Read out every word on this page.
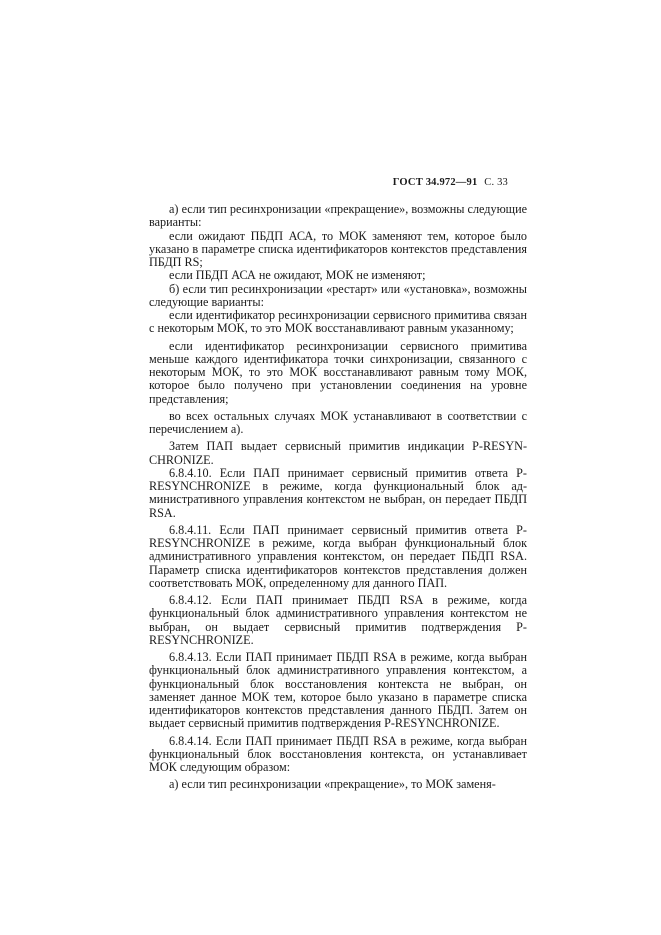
ГОСТ 34.972—91 С. 33

а) если тип ресинхронизации «прекращение», возможны следующие варианты:

если ожидают ПБДП АСА, то МОК заменяют тем, которое было указано в параметре списка идентификаторов контекстов представления ПБДП RS;

если ПБДП АСА не ожидают, МОК не изменяют;

б) если тип ресинхронизации «рестарт» или «установка», возможны следующие варианты:

если идентификатор ресинхронизации сервисного примитива связан с некоторым МОК, то это МОК восстанавливают равным указанному;

если идентификатор ресинхронизации сервисного примитива меньше каждого идентификатора точки синхронизации, связанного с некоторым МОК, то это МОК восстанавливают равным тому МОК, которое было получено при установлении соединения на уровне представления;

во всех остальных случаях МОК устанавливают в соответствии с перечислением а).

Затем ПАП выдает сервисный примитив индикации P-RESYNCHRONIZE.

6.8.4.10. Если ПАП принимает сервисный примитив ответа P-RESYNCHRONIZE в режиме, когда функциональный блок административного управления контекстом не выбран, он передает ПБДП RSA.

6.8.4.11. Если ПАП принимает сервисный примитив ответа P-RESYNCHRONIZE в режиме, когда выбран функциональный блок административного управления контекстом, он передает ПБДП RSA. Параметр списка идентификаторов контекстов представления должен соответствовать МОК, определенному для данного ПАП.

6.8.4.12. Если ПАП принимает ПБДП RSA в режиме, когда функциональный блок административного управления контекстом не выбран, он выдает сервисный примитив подтверждения P-RESYNCHRONIZE.

6.8.4.13. Если ПАП принимает ПБДП RSA в режиме, когда выбран функциональный блок административного управления контекстом, а функциональный блок восстановления контекста не выбран, он заменяет данное МОК тем, которое было указано в параметре списка идентификаторов контекстов представления данного ПБДП. Затем он выдает сервисный примитив подтверждения P-RESYNCHRONIZE.

6.8.4.14. Если ПАП принимает ПБДП RSA в режиме, когда выбран функциональный блок восстановления контекста, он устанавливает МОК следующим образом:

а) если тип ресинхронизации «прекращение», то МОК заменя-
